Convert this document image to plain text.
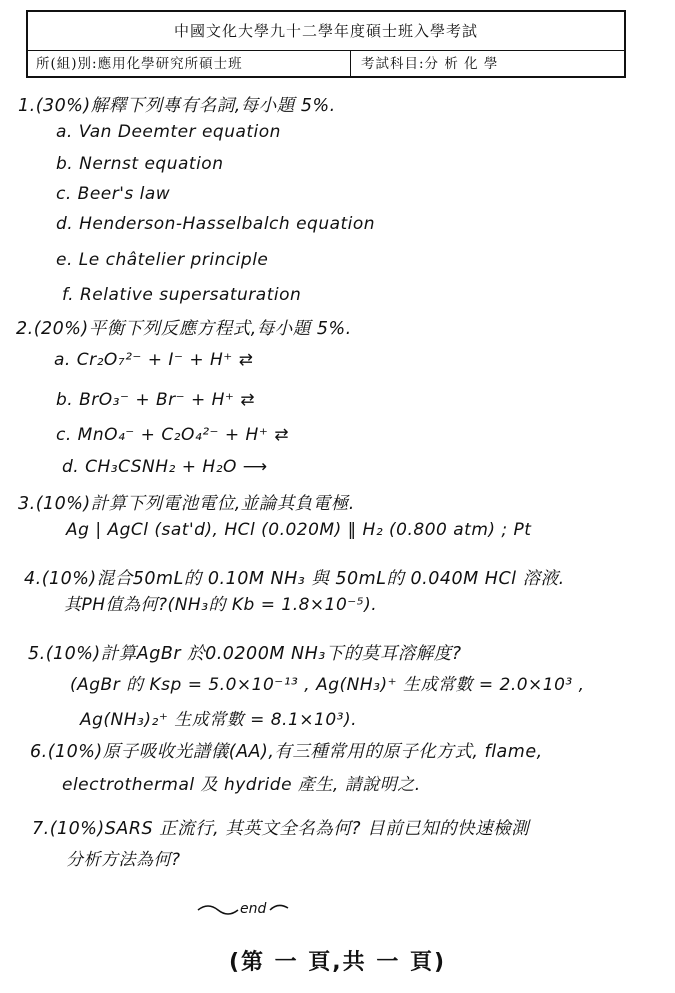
中國文化大學九十二學年度碩士班入學考試
所(組)別:應用化學研究所碩士班	考試科目:分 析 化 學
1.(30%)解釋下列專有名詞,每小題 5%.
a. Van Deemter equation
b. Nernst equation
c. Beer's law
d. Henderson-Hasselbalch equation
e. Le châtelier principle
f. Relative supersaturation
2.(20%)平衡下列反應方程式,每小題 5%.
a. Cr₂O₇²⁻ + I⁻ + H⁺ ⇄
b. BrO₃⁻ + Br⁻ + H⁺ ⇄
c. MnO₄⁻ + C₂O₄²⁻ + H⁺ ⇄
d. CH₃CSNH₂ + H₂O ⟶
3.(10%)計算下列電池電位,並論其負電極.
Ag | AgCl (sat'd), HCl (0.020M) ‖ H₂ (0.800 atm) ; Pt
4.(10%)混合50mL的 0.10M NH₃ 與 50mL的 0.040M HCl 溶液.
其PH值為何?(NH₃的 Kb = 1.8×10⁻⁵).
5.(10%)計算AgBr 於0.0200M NH₃下的莫耳溶解度?
(AgBr 的 Ksp = 5.0×10⁻¹³ , Ag(NH₃)⁺ 生成常數 = 2.0×10³ ,
Ag(NH₃)₂⁺ 生成常數 = 8.1×10³).
6.(10%)原子吸收光譜儀(AA),有三種常用的原子化方式, flame,
electrothermal 及 hydride 產生, 請說明之.
7.(10%)SARS 正流行, 其英文全名為何? 目前已知的快速檢測
分析方法為何?
end
(第 一 頁,共 一 頁)
